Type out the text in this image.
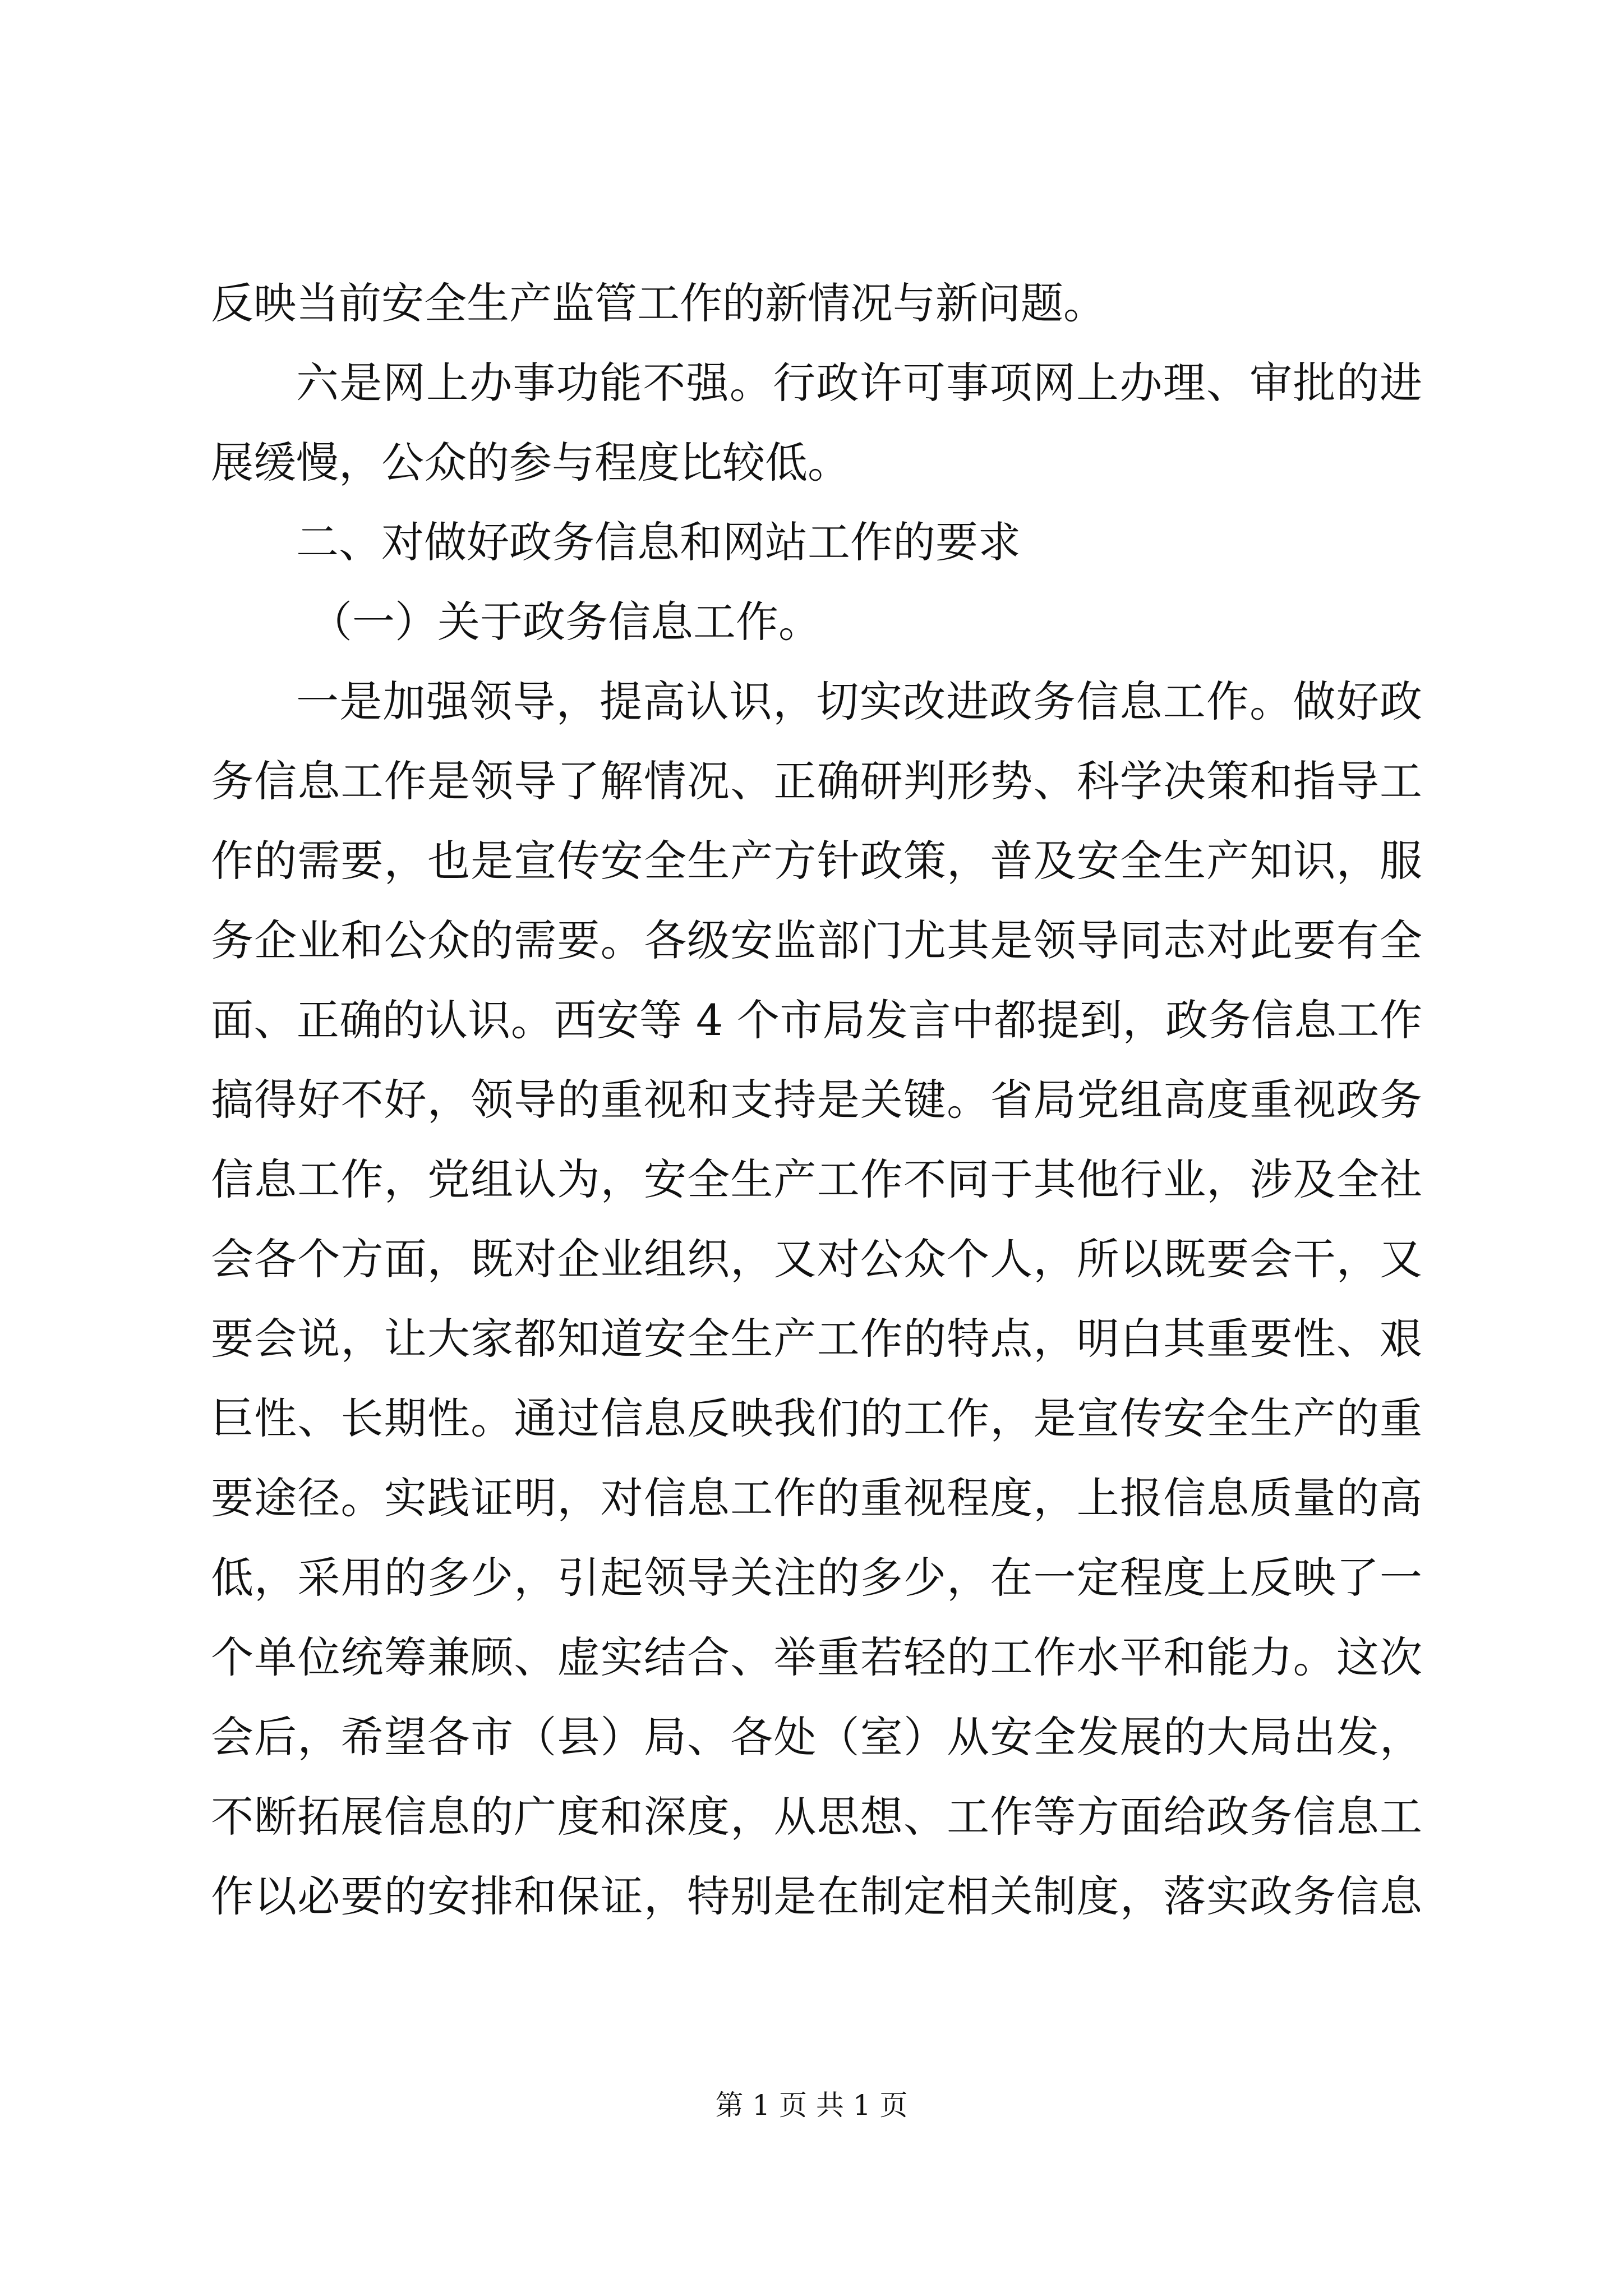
反映当前安全生产监管工作的新情况与新问题。
六是网上办事功能不强。行政许可事项网上办理、审批的进
展缓慢，公众的参与程度比较低。
二、对做好政务信息和网站工作的要求
（一）关于政务信息工作。
一是加强领导，提高认识，切实改进政务信息工作。做好政
务信息工作是领导了解情况、正确研判形势、科学决策和指导工
作的需要，也是宣传安全生产方针政策，普及安全生产知识，服
务企业和公众的需要。各级安监部门尤其是领导同志对此要有全
面、正确的认识。西安等 4 个市局发言中都提到，政务信息工作
搞得好不好，领导的重视和支持是关键。省局党组高度重视政务
信息工作，党组认为，安全生产工作不同于其他行业，涉及全社
会各个方面，既对企业组织，又对公众个人，所以既要会干，又
要会说，让大家都知道安全生产工作的特点，明白其重要性、艰
巨性、长期性。通过信息反映我们的工作，是宣传安全生产的重
要途径。实践证明，对信息工作的重视程度，上报信息质量的高
低，采用的多少，引起领导关注的多少，在一定程度上反映了一
个单位统筹兼顾、虚实结合、举重若轻的工作水平和能力。这次
会后，希望各市（县）局、各处（室）从安全发展的大局出发，
不断拓展信息的广度和深度，从思想、工作等方面给政务信息工
作以必要的安排和保证，特别是在制定相关制度，落实政务信息
第 1 页 共 1 页
